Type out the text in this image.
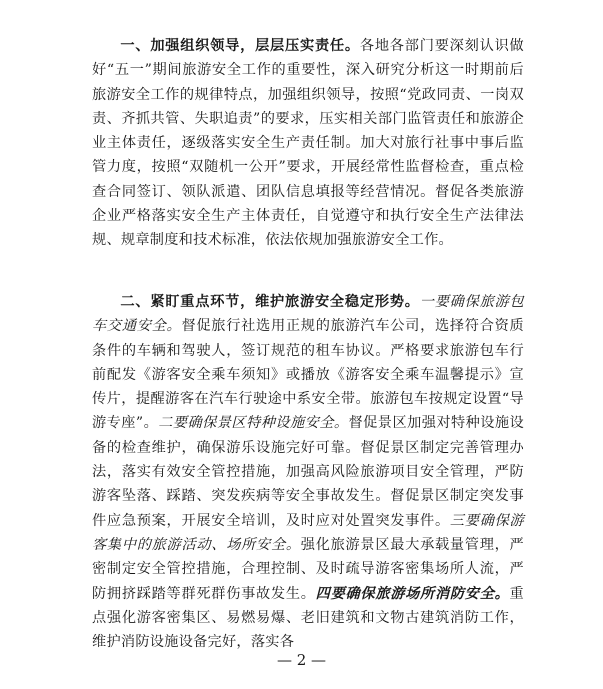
一、加强组织领导，层层压实责任。各地各部门要深刻认识做好“五一”期间旅游安全工作的重要性，深入研究分析这一时期前后旅游安全工作的规律特点，加强组织领导，按照“党政同责、一岗双责、齐抓共管、失职追责”的要求，压实相关部门监管责任和旅游企业主体责任，逐级落实安全生产责任制。加大对旅行社事中事后监管力度，按照“双随机一公开”要求，开展经常性监督检查，重点检查合同签订、领队派遣、团队信息填报等经营情况。督促各类旅游企业严格落实安全生产主体责任，自觉遵守和执行安全生产法律法规、规章制度和技术标准，依法依规加强旅游安全工作。

二、紧盯重点环节，维护旅游安全稳定形势。一要确保旅游包车交通安全。督促旅行社选用正规的旅游汽车公司，选择符合资质条件的车辆和驾驶人，签订规范的租车协议。严格要求旅游包车行前配发《游客安全乘车须知》或播放《游客安全乘车温馨提示》宣传片，提醒游客在汽车行驶途中系安全带。旅游包车按规定设置“导游专座”。二要确保景区特种设施安全。督促景区加强对特种设施设备的检查维护，确保游乐设施完好可靠。督促景区制定完善管理办法，落实有效安全管控措施，加强高风险旅游项目安全管理，严防游客坠落、踩踏、突发疾病等安全事故发生。督促景区制定突发事件应急预案，开展安全培训，及时应对处置突发事件。三要确保游客集中的旅游活动、场所安全。强化旅游景区最大承载量管理，严密制定安全管控措施，合理控制、及时疏导游客密集场所人流，严防拥挤踩踏等群死群伤事故发生。四要确保旅游场所消防安全。重点强化游客密集区、易燃易爆、老旧建筑和文物古建筑消防工作，维护消防设施设备完好，落实各

— 2 —
